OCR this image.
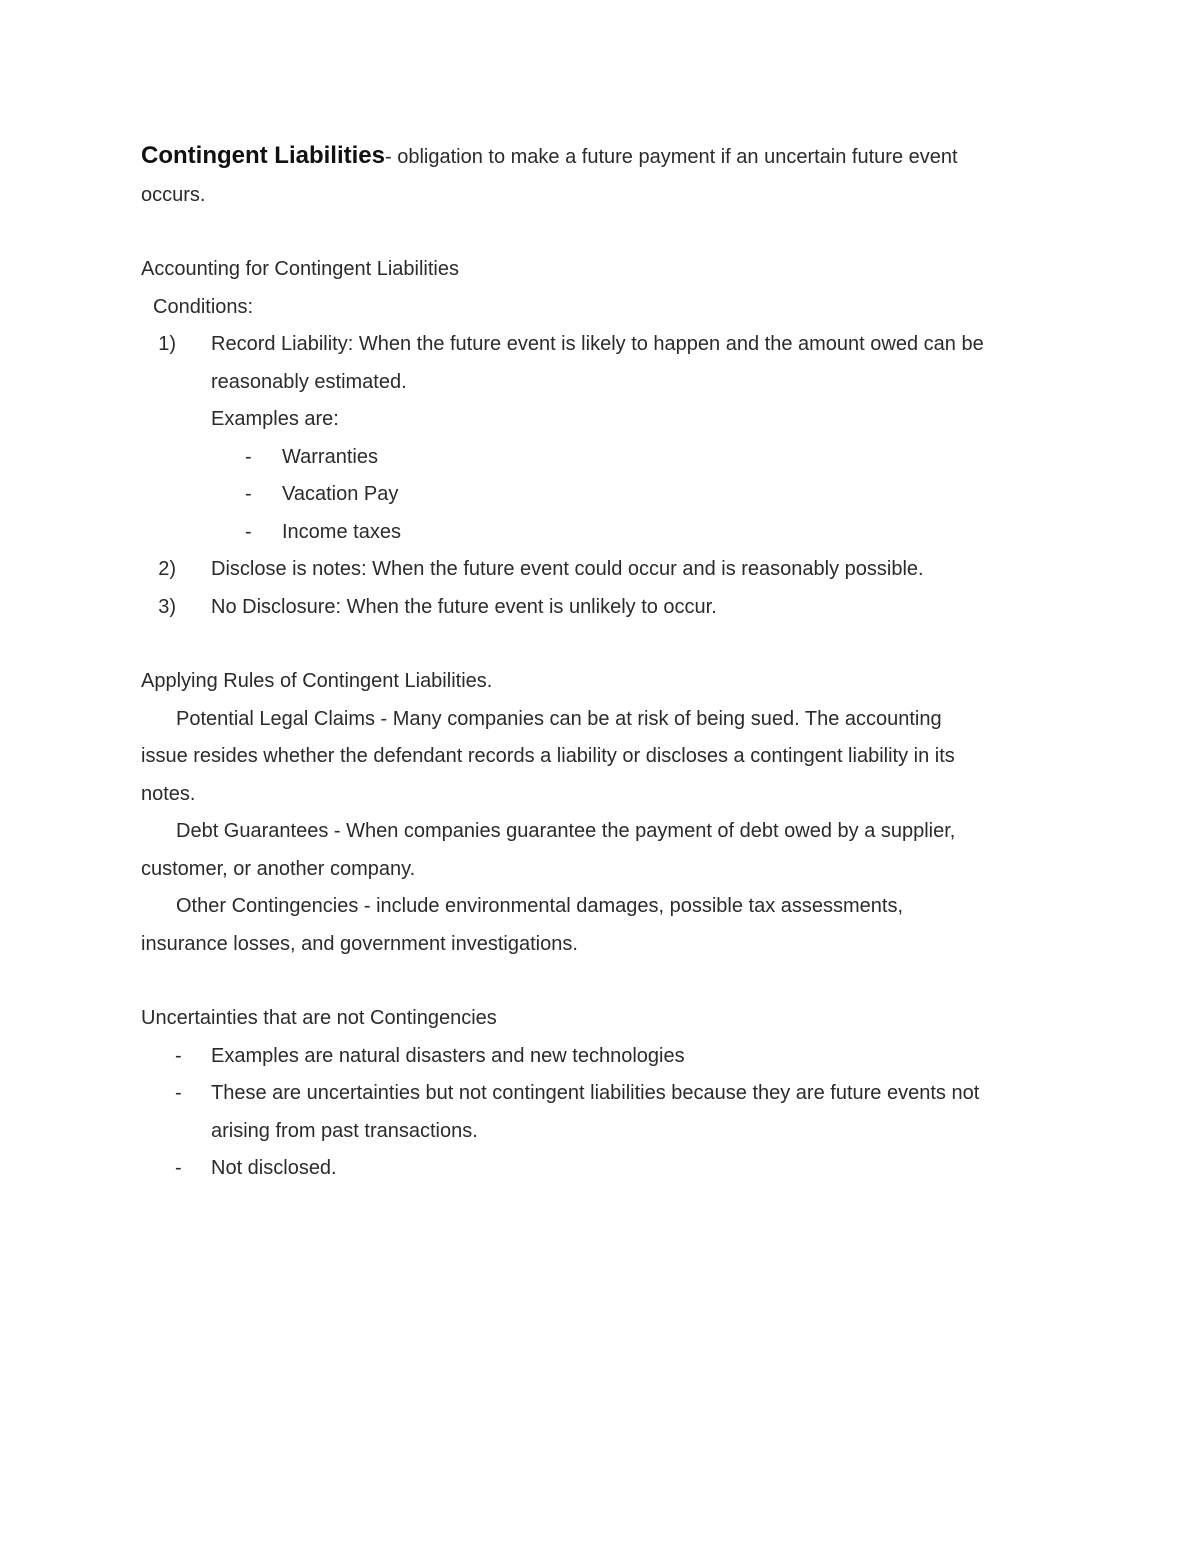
Contingent Liabilities- obligation to make a future payment if an uncertain future event
occurs.
Accounting for Contingent Liabilities
Conditions:
1)	Record Liability: When the future event is likely to happen and the amount owed can be
reasonably estimated.
Examples are:
-	Warranties
-	Vacation Pay
-	Income taxes
2)	Disclose is notes: When the future event could occur and is reasonably possible.
3)	No Disclosure: When the future event is unlikely to occur.
Applying Rules of Contingent Liabilities.
Potential Legal Claims - Many companies can be at risk of being sued. The accounting
issue resides whether the defendant records a liability or discloses a contingent liability in its
notes.
Debt Guarantees - When companies guarantee the payment of debt owed by a supplier,
customer, or another company.
Other Contingencies - include environmental damages, possible tax assessments,
insurance losses, and government investigations.
Uncertainties that are not Contingencies
-	Examples are natural disasters and new technologies
-	These are uncertainties but not contingent liabilities because they are future events not
arising from past transactions.
-	Not disclosed.
